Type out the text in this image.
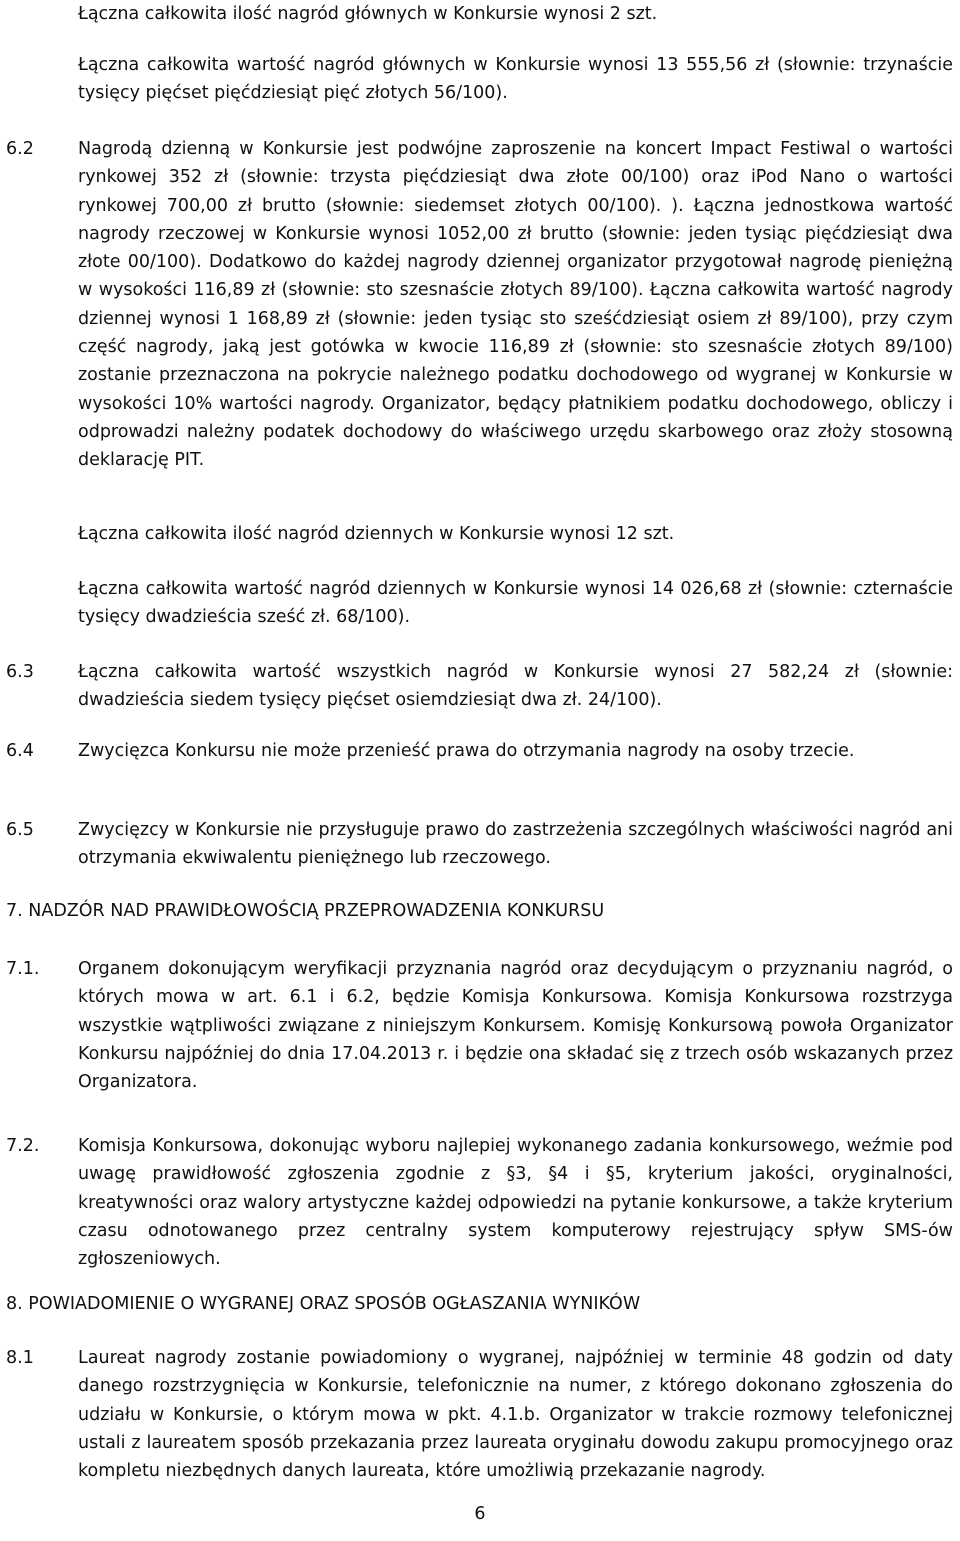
Łączna całkowita ilość nagród głównych w Konkursie wynosi 2 szt.

Łączna całkowita wartość nagród głównych w Konkursie wynosi 13 555,56 zł (słownie: trzynaście tysięcy pięćset pięćdziesiąt pięć złotych 56/100).

6.2	Nagrodą dzienną w Konkursie jest podwójne zaproszenie na koncert Impact Festiwal o wartości rynkowej 352 zł (słownie: trzysta pięćdziesiąt dwa złote 00/100) oraz iPod Nano o wartości rynkowej 700,00 zł brutto (słownie: siedemset złotych 00/100). ). Łączna jednostkowa wartość nagrody rzeczowej w Konkursie wynosi 1052,00 zł brutto (słownie: jeden tysiąc pięćdziesiąt dwa złote 00/100). Dodatkowo do każdej nagrody dziennej organizator przygotował nagrodę pieniężną w wysokości 116,89 zł (słownie: sto szesnaście złotych 89/100). Łączna całkowita wartość nagrody dziennej wynosi 1 168,89 zł (słownie: jeden tysiąc sto sześćdziesiąt osiem zł 89/100), przy czym część nagrody, jaką jest gotówka w kwocie 116,89 zł (słownie: sto szesnaście złotych 89/100) zostanie przeznaczona na pokrycie należnego podatku dochodowego od wygranej w Konkursie w wysokości 10% wartości nagrody. Organizator, będący płatnikiem podatku dochodowego, obliczy i odprowadzi należny podatek dochodowy do właściwego urzędu skarbowego oraz złoży stosowną deklarację PIT.

Łączna całkowita ilość nagród dziennych w Konkursie wynosi 12 szt.

Łączna całkowita wartość nagród dziennych w Konkursie wynosi 14 026,68 zł (słownie: czternaście tysięcy dwadzieścia sześć zł. 68/100).

6.3	Łączna całkowita wartość wszystkich nagród w Konkursie wynosi 27 582,24 zł (słownie: dwadzieścia siedem tysięcy pięćset osiemdziesiąt dwa zł. 24/100).

6.4	Zwycięzca Konkursu nie może przenieść prawa do otrzymania nagrody na osoby trzecie.

6.5	Zwycięzcy w Konkursie nie przysługuje prawo do zastrzeżenia szczególnych właściwości nagród ani otrzymania ekwiwalentu pieniężnego lub rzeczowego.

7. NADZÓR NAD PRAWIDŁOWOŚCIĄ PRZEPROWADZENIA KONKURSU

7.1. Organem dokonującym weryfikacji przyznania nagród oraz decydującym o przyznaniu nagród, o których mowa w art. 6.1 i 6.2, będzie Komisja Konkursowa. Komisja Konkursowa rozstrzyga wszystkie wątpliwości związane z niniejszym Konkursem. Komisję Konkursową powoła Organizator Konkursu najpóźniej do dnia 17.04.2013 r. i będzie ona składać się z trzech osób wskazanych przez Organizatora.

7.2. Komisja Konkursowa, dokonując wyboru najlepiej wykonanego zadania konkursowego, weźmie pod uwagę prawidłowość zgłoszenia zgodnie z §3, §4 i §5, kryterium jakości, oryginalności, kreatywności oraz walory artystyczne każdej odpowiedzi na pytanie konkursowe, a także kryterium czasu odnotowanego przez centralny system komputerowy rejestrujący spływ SMS-ów zgłoszeniowych.

8. POWIADOMIENIE O WYGRANEJ ORAZ SPOSÓB OGŁASZANIA WYNIKÓW

8.1	Laureat nagrody zostanie powiadomiony o wygranej, najpóźniej w terminie 48 godzin od daty danego rozstrzygnięcia w Konkursie, telefonicznie na numer, z którego dokonano zgłoszenia do udziału w Konkursie, o którym mowa w pkt. 4.1.b. Organizator w trakcie rozmowy telefonicznej ustali z laureatem sposób przekazania przez laureata oryginału dowodu zakupu promocyjnego oraz kompletu niezbędnych danych laureata, które umożliwią przekazanie nagrody.

6
